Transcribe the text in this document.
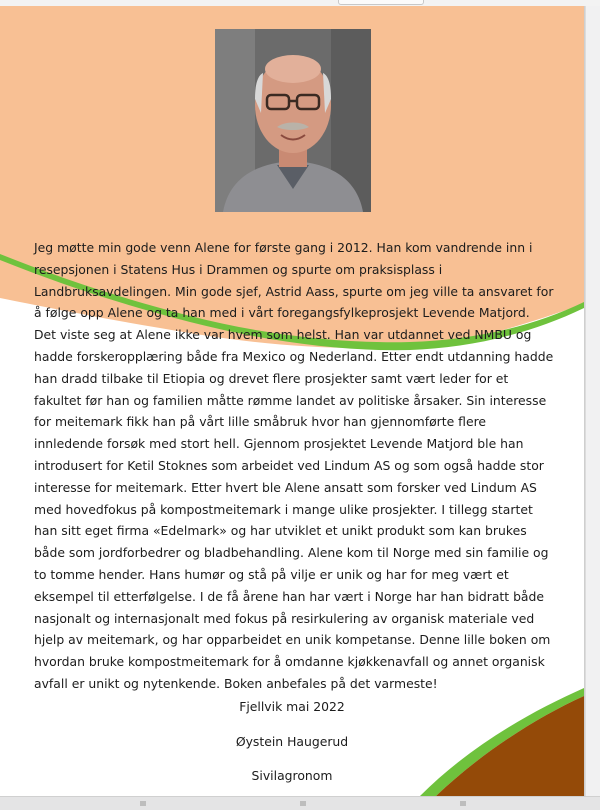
Jeg møtte min gode venn Alene for første gang i 2012. Han kom vandrende inn i resepsjonen i Statens Hus i Drammen og spurte om praksisplass i Landbruksavdelingen. Min gode sjef, Astrid Aass, spurte om jeg ville ta ansvaret for å følge opp Alene og ta han med i vårt foregangsfylkeprosjekt Levende Matjord. Det viste seg at Alene ikke var hvem som helst. Han var utdannet ved NMBU og hadde forskeropplæring både fra Mexico og Nederland. Etter endt utdanning hadde han dradd tilbake til Etiopia og drevet flere prosjekter samt vært leder for et fakultet før han og familien måtte rømme landet av politiske årsaker. Sin interesse for meitemark fikk han på vårt lille småbruk hvor han gjennomførte flere innledende forsøk med stort hell. Gjennom prosjektet Levende Matjord ble han introdusert for Ketil Stoknes som arbeidet ved Lindum AS og som også hadde stor interesse for meitemark. Etter hvert ble Alene ansatt som forsker ved Lindum AS med hovedfokus på kompostmeitemark i mange ulike prosjekter. I tillegg startet han sitt eget firma «Edelmark» og har utviklet et unikt produkt som kan brukes både som jordforbedrer og bladbehandling. Alene kom til Norge med sin familie og to tomme hender. Hans humør og stå på vilje er unik og har for meg vært et eksempel til etterfølgelse. I de få årene han har vært i Norge har han bidratt både nasjonalt og internasjonalt med fokus på resirkulering av organisk materiale ved hjelp av meitemark, og har opparbeidet en unik kompetanse. Denne lille boken om hvordan bruke kompostmeitemark for å omdanne kjøkkenavfall og annet organisk avfall er unikt og nytenkende. Boken anbefales på det varmeste!

Fjellvik mai 2022

Øystein Haugerud

Sivilagronom
